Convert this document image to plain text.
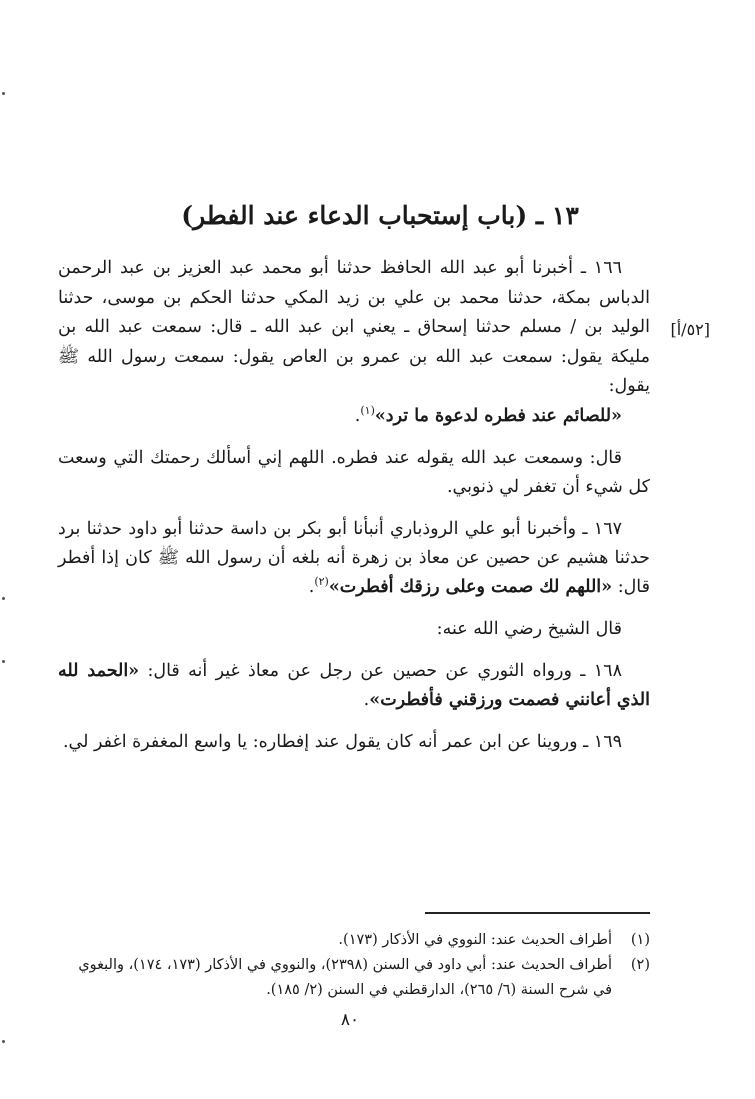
١٣ ـ (باب إستحباب الدعاء عند الفطر)
[٥٢/أ]

١٦٦ ـ أخبرنا أبو عبد الله الحافظ حدثنا أبو محمد عبد العزيز بن عبد الرحمن الدباس بمكة، حدثنا محمد بن علي بن زيد المكي حدثنا الحكم بن موسى، حدثنا الوليد بن / مسلم حدثنا إسحاق ـ يعني ابن عبد الله ـ قال: سمعت عبد الله بن مليكة يقول: سمعت عبد الله بن عمرو بن العاص يقول: سمعت رسول الله ﷺ يقول:
«للصائم عند فطره لدعوة ما ترد»$^{(١)}$.

قال: وسمعت عبد الله يقوله عند فطره. اللهم إني أسألك رحمتك التي وسعت كل شيء أن تغفر لي ذنوبي.

١٦٧ ـ وأخبرنا أبو علي الروذباري أنبأنا أبو بكر بن داسة حدثنا أبو داود حدثنا برد حدثنا هشيم عن حصين عن معاذ بن زهرة أنه بلغه أن رسول الله ﷺ كان إذا أفطر قال: «اللهم لك صمت وعلى رزقك أفطرت»$^{(٢)}$.

قال الشيخ رضي الله عنه:

١٦٨ ـ ورواه الثوري عن حصين عن رجل عن معاذ غير أنه قال: «الحمد لله الذي أعانني فصمت ورزقني فأفطرت».

١٦٩ ـ وروينا عن ابن عمر أنه كان يقول عند إفطاره: يا واسع المغفرة اغفر لي.

(١)
أطراف الحديث عند: النووي في الأذكار (١٧٣).
(٢)
أطراف الحديث عند: أبي داود في السنن (٢٣٩٨)، والنووي في الأذكار (١٧٣، ١٧٤)، والبغوي في شرح السنة (٦/ ٢٦٥)، الدارقطني في السنن (٢/ ١٨٥).
٨٠
